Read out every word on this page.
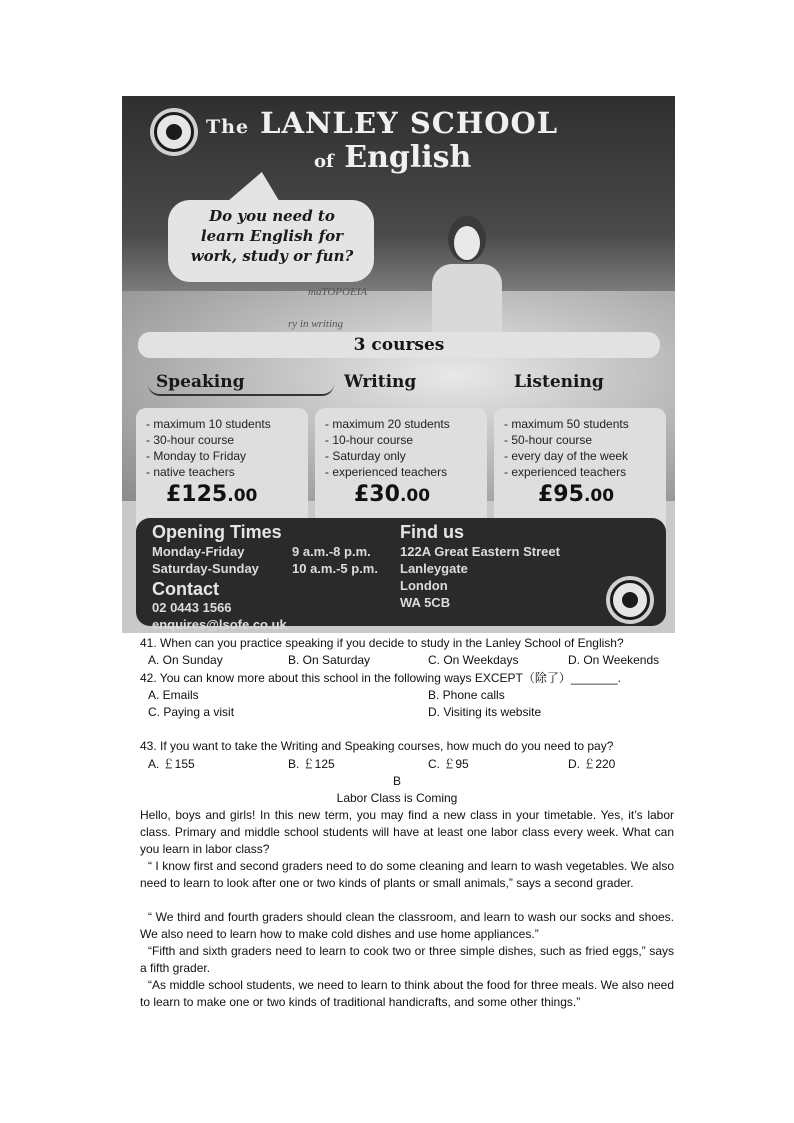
The LANLEY SCHOOL
of English
Do you need to
learn English for
work, study or fun?
maTOPOEIA
ry in writing
3 courses
Speaking	Writing	Listening
- maximum 10 students
- 30-hour course
- Monday to Friday
- native teachers
- maximum 20 students
- 10-hour course
- Saturday only
- experienced teachers
- maximum 50 students
- 50-hour course
- every day of the week
- experienced teachers
£125.00	£30.00	£95.00
Opening Times
Monday-Friday	9 a.m.-8 p.m.
Saturday-Sunday	10 a.m.-5 p.m.
Contact
02 0443 1566
enquires@lsofe.co.uk
Find us
122A Great Eastern Street
Lanleygate
London
WA 5CB
41. When can you practice speaking if you decide to study in the Lanley School of English?
A. On Sunday	B. On Saturday	C. On Weekdays	D. On Weekends
42. You can know more about this school in the following ways EXCEPT（除了）_______.
A. Emails	B. Phone calls
C. Paying a visit	D. Visiting its website
43. If you want to take the Writing and Speaking courses, how much do you need to pay?
A. ￡155	B. ￡125	C. ￡95	D. ￡220
B
Labor Class is Coming
Hello, boys and girls! In this new term, you may find a new class in your timetable. Yes, it’s labor class. Primary and middle school students will have at least one labor class every week. What can you learn in labor class?
“ I know first and second graders need to do some cleaning and learn to wash vegetables. We also need to learn to look after one or two kinds of plants or small animals,” says a second grader.
“ We third and fourth graders should clean the classroom, and learn to wash our socks and shoes. We also need to learn how to make cold dishes and use home appliances.”
“Fifth and sixth graders need to learn to cook two or three simple dishes, such as fried eggs,” says a fifth grader.
“As middle school students, we need to learn to think about the food for three meals. We also need to learn to make one or two kinds of traditional handicrafts, and some other things.”
